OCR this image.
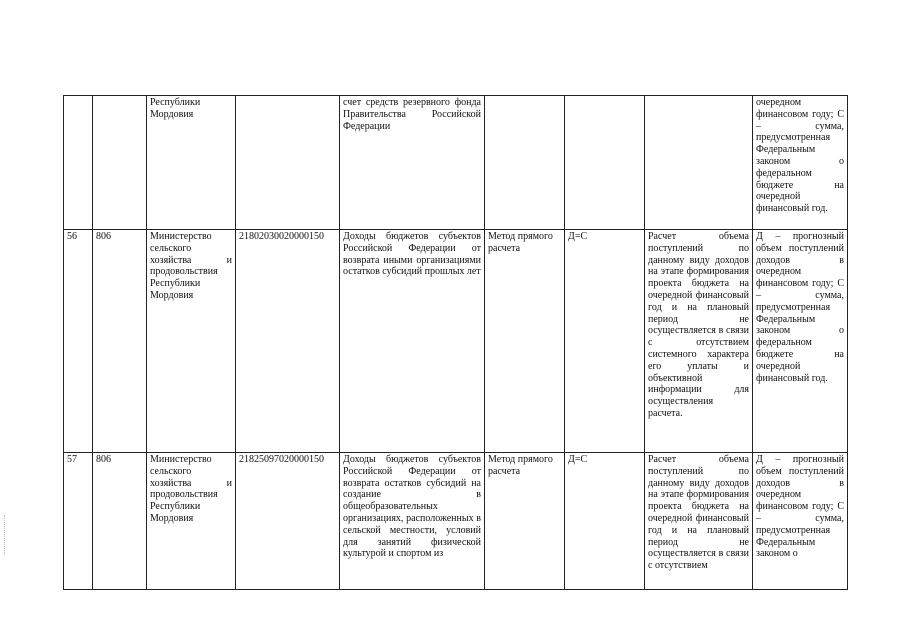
		Республики Мордовия		счет средств резервного фонда Правительства Российской Федерации				очередном финансовом году; С – сумма, предусмотренная Федеральным законом о федеральном бюджете на очередной финансовый год.
56	806	Министерство сельского хозяйства и продовольствия Республики Мордовия	21802030020000150	Доходы бюджетов субъектов Российской Федерации от возврата иными организациями остатков субсидий прошлых лет	Метод прямого расчета	Д=С	Расчет объема поступлений по данному виду доходов на этапе формирования проекта бюджета на очередной финансовый год и на плановый период не осуществляется в связи с отсутствием системного характера его уплаты и объективной информации для осуществления расчета.	Д – прогнозный объем поступлений доходов в очередном финансовом году; С – сумма, предусмотренная Федеральным законом о федеральном бюджете на очередной финансовый год.
57	806	Министерство сельского хозяйства и продовольствия Республики Мордовия	21825097020000150	Доходы бюджетов субъектов Российской Федерации от возврата остатков субсидий на создание в общеобразовательных организациях, расположенных в сельской местности, условий для занятий физической культурой и спортом из	Метод прямого расчета	Д=С	Расчет объема поступлений по данному виду доходов на этапе формирования проекта бюджета на очередной финансовый год и на плановый период не осуществляется в связи с отсутствием	Д – прогнозный объем поступлений доходов в очередном финансовом году; С – сумма, предусмотренная Федеральным законом о
